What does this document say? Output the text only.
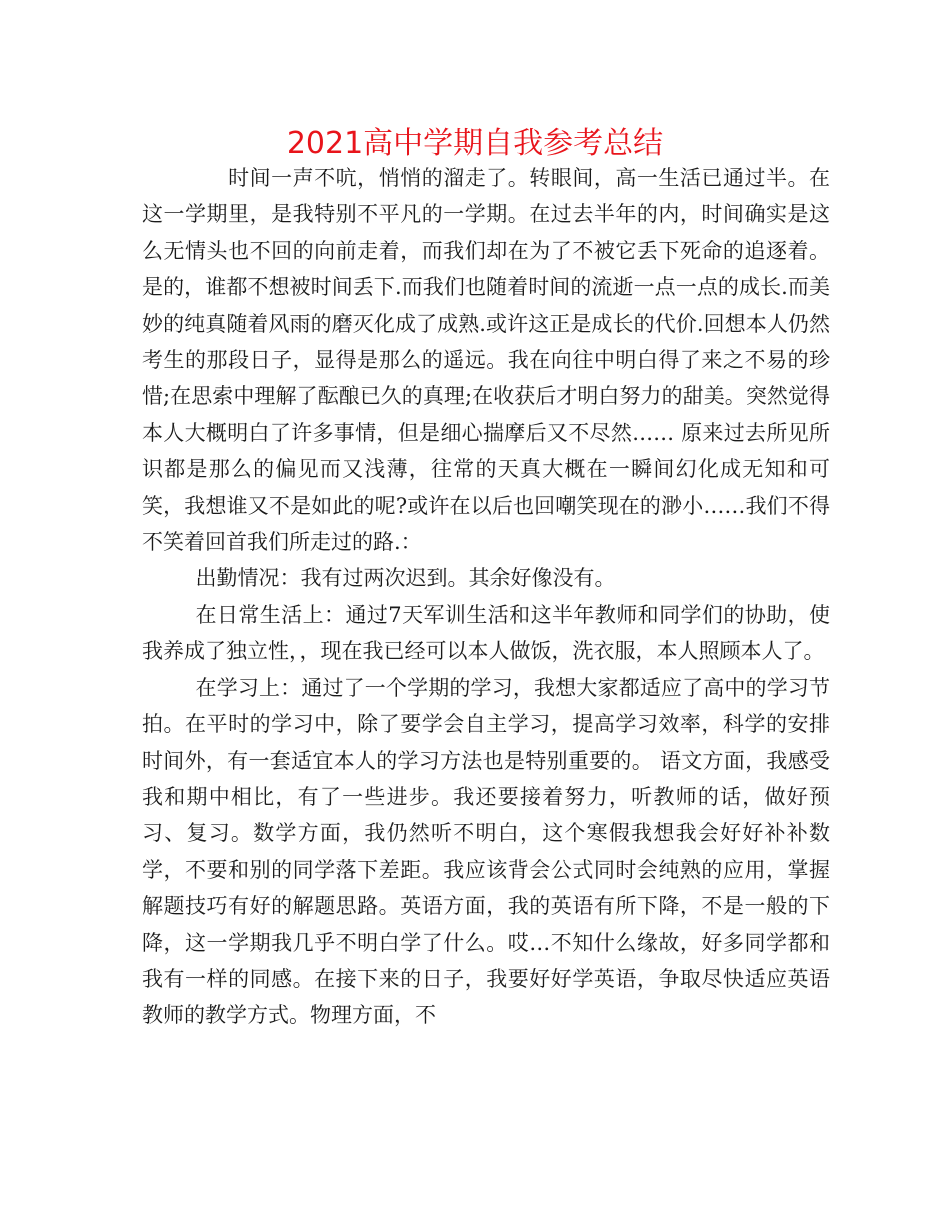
2021高中学期自我参考总结

时间一声不吭，悄悄的溜走了。转眼间，高一生活已通过半。在这一学期里，是我特别不平凡的一学期。在过去半年的内，时间确实是这么无情头也不回的向前走着，而我们却在为了不被它丢下死命的追逐着。是的，谁都不想被时间丢下.而我们也随着时间的流逝一点一点的成长.而美妙的纯真随着风雨的磨灭化成了成熟.或许这正是成长的代价.回想本人仍然考生的那段日子，显得是那么的遥远。我在向往中明白得了来之不易的珍惜;在思索中理解了酝酿已久的真理;在收获后才明白努力的甜美。突然觉得本人大概明白了许多事情，但是细心揣摩后又不尽然…… 原来过去所见所识都是那么的偏见而又浅薄，往常的天真大概在一瞬间幻化成无知和可笑，我想谁又不是如此的呢?或许在以后也回嘲笑现在的渺小……我们不得不笑着回首我们所走过的路.：

出勤情况：我有过两次迟到。其余好像没有。

在日常生活上：通过7天军训生活和这半年教师和同学们的协助，使我养成了独立性，，现在我已经可以本人做饭，洗衣服，本人照顾本人了。

在学习上：通过了一个学期的学习，我想大家都适应了高中的学习节拍。在平时的学习中，除了要学会自主学习，提高学习效率，科学的安排时间外，有一套适宜本人的学习方法也是特别重要的。 语文方面，我感受我和期中相比，有了一些进步。我还要接着努力，听教师的话，做好预习、复习。数学方面，我仍然听不明白，这个寒假我想我会好好补补数学，不要和别的同学落下差距。我应该背会公式同时会纯熟的应用，掌握解题技巧有好的解题思路。英语方面，我的英语有所下降，不是一般的下降，这一学期我几乎不明白学了什么。哎…不知什么缘故，好多同学都和我有一样的同感。在接下来的日子，我要好好学英语，争取尽快适应英语教师的教学方式。物理方面，不
